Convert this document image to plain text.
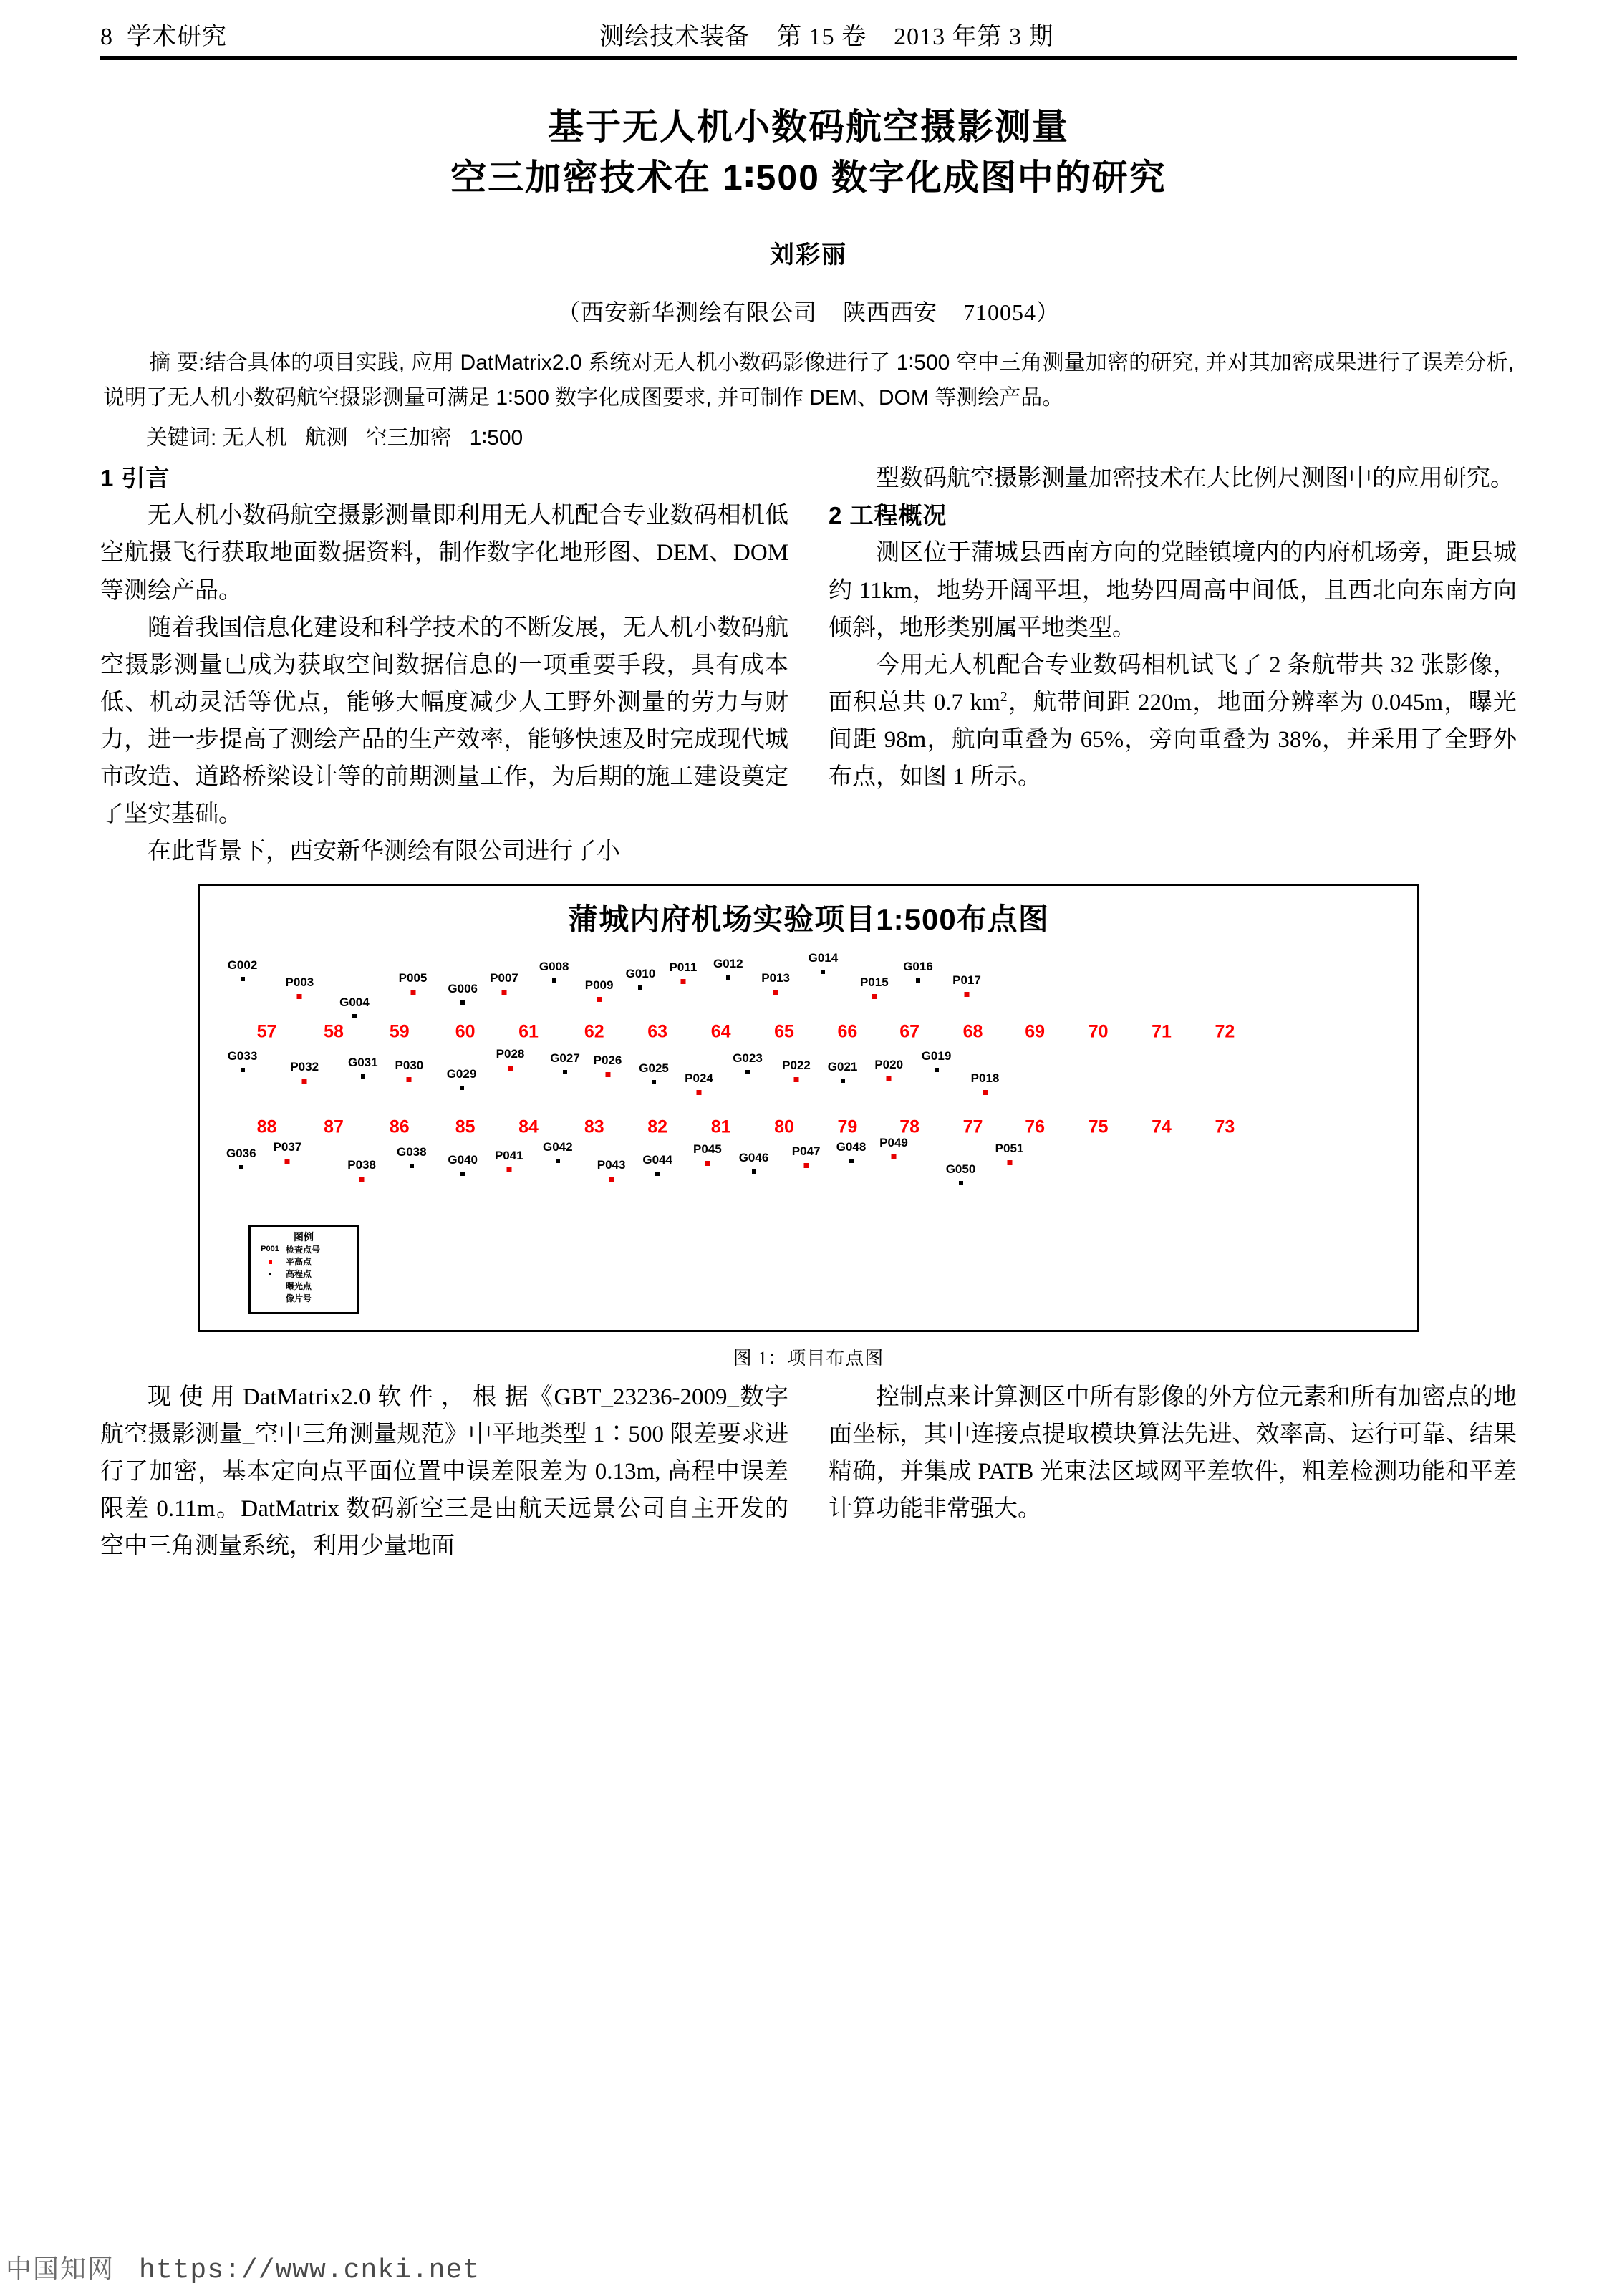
8  学术研究	测绘技术装备    第 15 卷    2013 年第 3 期
基于无人机小数码航空摄影测量
空三加密技术在 1∶500 数字化成图中的研究
刘彩丽
（西安新华测绘有限公司    陕西西安    710054）

摘 要:结合具体的项目实践, 应用 DatMatrix2.0 系统对无人机小数码影像进行了 1∶500 空中三角测量加密的研究, 并对其加密成果进行了误差分析, 说明了无人机小数码航空摄影测量可满足 1∶500 数字化成图要求, 并可制作 DEM、DOM 等测绘产品。

关键词: 无人机   航测   空三加密   1∶500

1 引言

无人机小数码航空摄影测量即利用无人机配合专业数码相机低空航摄飞行获取地面数据资料，制作数字化地形图、DEM、DOM 等测绘产品。

随着我国信息化建设和科学技术的不断发展，无人机小数码航空摄影测量已成为获取空间数据信息的一项重要手段，具有成本低、机动灵活等优点，能够大幅度减少人工野外测量的劳力与财力，进一步提高了测绘产品的生产效率，能够快速及时完成现代城市改造、道路桥梁设计等的前期测量工作，为后期的施工建设奠定了坚实基础。

在此背景下，西安新华测绘有限公司进行了小

型数码航空摄影测量加密技术在大比例尺测图中的应用研究。

2 工程概况

测区位于蒲城县西南方向的党睦镇境内的内府机场旁，距县城约 11km，地势开阔平坦，地势四周高中间低，且西北向东南方向倾斜，地形类别属平地类型。

今用无人机配合专业数码相机试飞了 2 条航带共 32 张影像，面积总共 0.7 $km^2$，航带间距 220m，地面分辨率为 0.045m，曝光间距 98m，航向重叠为 65%，旁向重叠为 38%，并采用了全野外布点，如图 1 所示。

蒲城内府机场实验项目1:500布点图
G002
P003
G004
P005
G006
P007
G008
P009
G010 P011 G012
P013
G014
P015
G016
P017
P018
G019
P020
G021
P022
G023
P024
G025
P026
G027
P028
G029
P030
G031
P032
G033
G036 P037
P038
G038
G040 P041
G042
P043 G044
P045
G046 P047 G048 P049
G050
P051
57	58	59	60 61	62 63 64 65 66 67 68 69 70 71 72
88	87	86	85 84	83 82 81 80 79 78 77 76 75 74 73
图例
P001 检查点号
平高点
高程点
曝光点
像片号
图 1：项目布点图

现 使 用 DatMatrix2.0 软 件 ， 根 据《GBT_23236-2009_数字航空摄影测量_空中三角测量规范》中平地类型 1∶500 限差要求进行了加密，基本定向点平面位置中误差限差为 0.13m, 高程中误差限差 0.11m。DatMatrix 数码新空三是由航天远景公司自主开发的空中三角测量系统，利用少量地面

控制点来计算测区中所有影像的外方位元素和所有加密点的地面坐标，其中连接点提取模块算法先进、效率高、运行可靠、结果精确，并集成 PATB 光束法区域网平差软件，粗差检测功能和平差计算功能非常强大。

中国知网 https://www.cnki.net
